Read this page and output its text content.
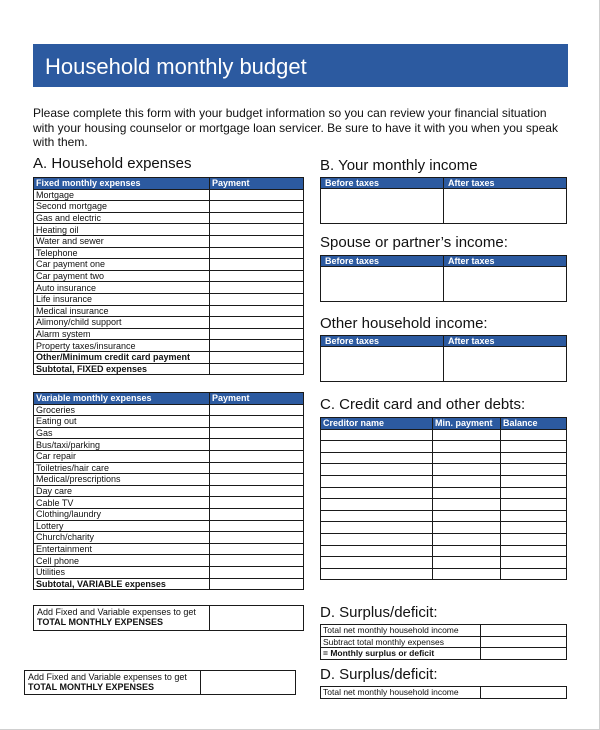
Household monthly budget

Please complete this form with your budget information so you can review your financial situation with your housing counselor or mortgage loan servicer. Be sure to have it with you when you speak with them.

A. Household expenses
Fixed monthly expenses	Payment
Mortgage	
Second mortgage	
Gas and electric	
Heating oil	
Water and sewer	
Telephone	
Car payment one	
Car payment two	
Auto insurance	
Life insurance	
Medical insurance	
Alimony/child support	
Alarm system	
Property taxes/insurance	
Other/Minimum credit card payment	
Subtotal, FIXED expenses	
Variable monthly expenses	Payment
Groceries	
Eating out	
Gas	
Bus/taxi/parking	
Car repair	
Toiletries/hair care	
Medical/prescriptions	
Day care	
Cable TV	
Clothing/laundry	
Lottery	
Church/charity	
Entertainment	
Cell phone	
Utilities	
Subtotal, VARIABLE expenses	
Add Fixed and Variable expenses to get
TOTAL MONTHLY EXPENSES

Add Fixed and Variable expenses to get
TOTAL MONTHLY EXPENSES

B. Your monthly income
Before taxes	After taxes

Spouse or partner’s income:
Before taxes	After taxes

Other household income:
Before taxes	After taxes

C. Credit card and other debts:
Creditor name	Min. payment	Balance

D. Surplus/deficit:
Total net monthly household income	
Subtract total monthly expenses	
= Monthly surplus or deficit	
D. Surplus/deficit:
Total net monthly household income	
